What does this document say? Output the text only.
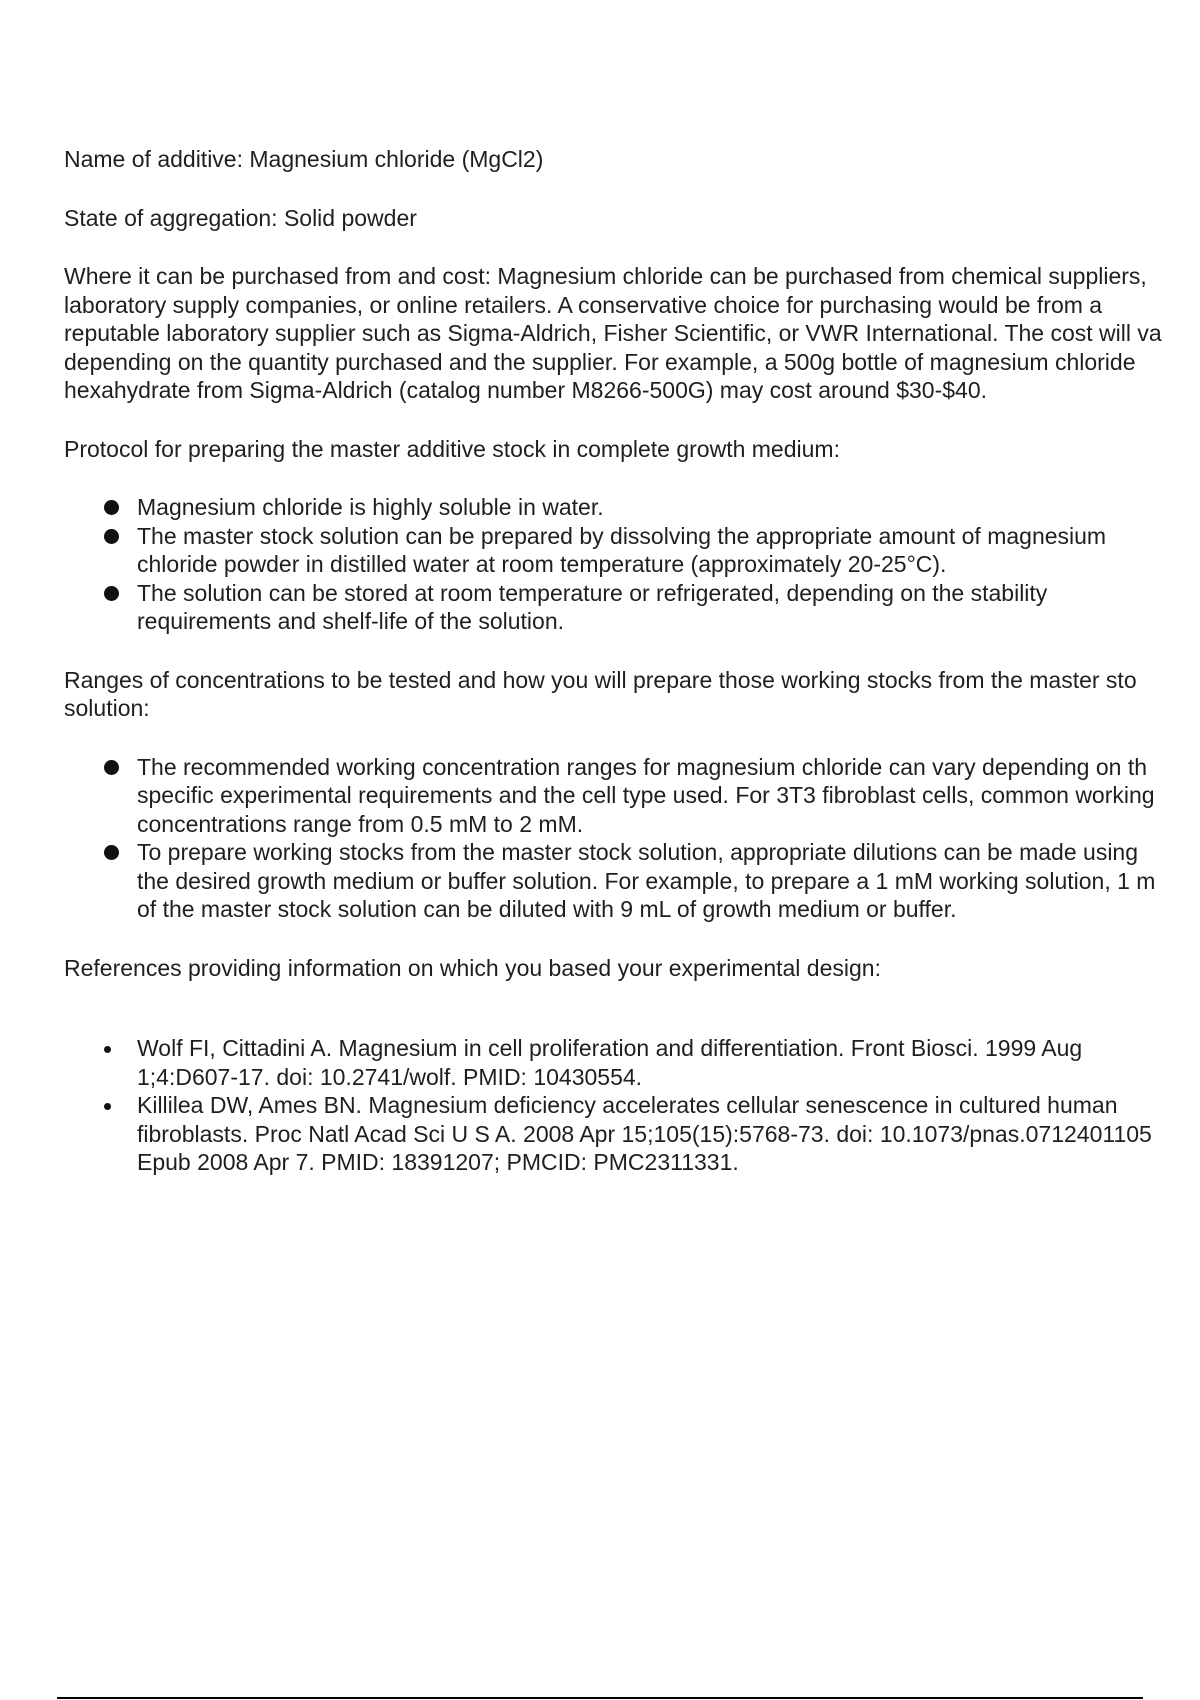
Name of additive: Magnesium chloride (MgCl2)

State of aggregation: Solid powder

Where it can be purchased from and cost: Magnesium chloride can be purchased from chemical suppliers,
laboratory supply companies, or online retailers. A conservative choice for purchasing would be from a
reputable laboratory supplier such as Sigma-Aldrich, Fisher Scientific, or VWR International. The cost will va
depending on the quantity purchased and the supplier. For example, a 500g bottle of magnesium chloride
hexahydrate from Sigma-Aldrich (catalog number M8266-500G) may cost around $30-$40.

Protocol for preparing the master additive stock in complete growth medium:

Magnesium chloride is highly soluble in water.
The master stock solution can be prepared by dissolving the appropriate amount of magnesium
chloride powder in distilled water at room temperature (approximately 20-25°C).
The solution can be stored at room temperature or refrigerated, depending on the stability
requirements and shelf-life of the solution.

Ranges of concentrations to be tested and how you will prepare those working stocks from the master sto
solution:

The recommended working concentration ranges for magnesium chloride can vary depending on th
specific experimental requirements and the cell type used. For 3T3 fibroblast cells, common working
concentrations range from 0.5 mM to 2 mM.
To prepare working stocks from the master stock solution, appropriate dilutions can be made using
the desired growth medium or buffer solution. For example, to prepare a 1 mM working solution, 1 m
of the master stock solution can be diluted with 9 mL of growth medium or buffer.

References providing information on which you based your experimental design:

Wolf FI, Cittadini A. Magnesium in cell proliferation and differentiation. Front Biosci. 1999 Aug
1;4:D607-17. doi: 10.2741/wolf. PMID: 10430554.
Killilea DW, Ames BN. Magnesium deficiency accelerates cellular senescence in cultured human
fibroblasts. Proc Natl Acad Sci U S A. 2008 Apr 15;105(15):5768-73. doi: 10.1073/pnas.0712401105
Epub 2008 Apr 7. PMID: 18391207; PMCID: PMC2311331.
